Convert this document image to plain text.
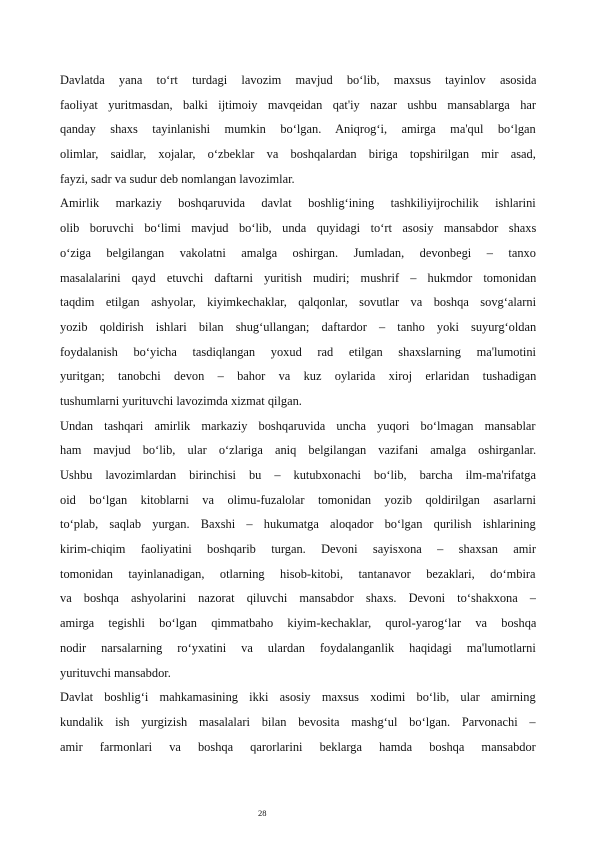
Davlatda yana to‘rt turdagi lavozim mavjud bo‘lib, maxsus tayinlov asosida
faoliyat yuritmasdan, balki ijtimoiy mavqeidan qat'iy nazar ushbu mansablarga har
qanday shaxs tayinlanishi mumkin bo‘lgan. Aniqrog‘i, amirga ma'qul bo‘lgan
olimlar, saidlar, xojalar, o‘zbeklar va boshqalardan biriga topshirilgan mir asad,
fayzi, sadr va sudur deb nomlangan lavozimlar.
Amirlik markaziy boshqaruvida davlat boshlig‘ining tashkiliyijrochilik ishlarini
olib boruvchi bo‘limi mavjud bo‘lib, unda quyidagi to‘rt asosiy mansabdor shaxs
o‘ziga belgilangan vakolatni amalga oshirgan. Jumladan, devonbegi – tanxo
masalalarini qayd etuvchi daftarni yuritish mudiri; mushrif – hukmdor tomonidan
taqdim etilgan ashyolar, kiyimkechaklar, qalqonlar, sovutlar va boshqa sovg‘alarni
yozib qoldirish ishlari bilan shug‘ullangan; daftardor – tanho yoki suyurg‘oldan
foydalanish bo‘yicha tasdiqlangan yoxud rad etilgan shaxslarning ma'lumotini
yuritgan; tanobchi devon – bahor va kuz oylarida xiroj erlaridan tushadigan
tushumlarni yurituvchi lavozimda xizmat qilgan.
Undan tashqari amirlik markaziy boshqaruvida uncha yuqori bo‘lmagan mansablar
ham mavjud bo‘lib, ular o‘zlariga aniq belgilangan vazifani amalga oshirganlar.
Ushbu lavozimlardan birinchisi bu – kutubxonachi bo‘lib, barcha ilm-ma'rifatga
oid bo‘lgan kitoblarni va olimu-fuzalolar tomonidan yozib qoldirilgan asarlarni
to‘plab, saqlab yurgan. Baxshi – hukumatga aloqador bo‘lgan qurilish ishlarining
kirim-chiqim faoliyatini boshqarib turgan. Devoni sayisxona – shaxsan amir
tomonidan tayinlanadigan, otlarning hisob-kitobi, tantanavor bezaklari, do‘mbira
va boshqa ashyolarini nazorat qiluvchi mansabdor shaxs. Devoni to‘shakxona –
amirga tegishli bo‘lgan qimmatbaho kiyim-kechaklar, qurol-yarog‘lar va boshqa
nodir narsalarning ro‘yxatini va ulardan foydalanganlik haqidagi ma'lumotlarni
yurituvchi mansabdor.
Davlat boshlig‘i mahkamasining ikki asosiy maxsus xodimi bo‘lib, ular amirning
kundalik ish yurgizish masalalari bilan bevosita mashg‘ul bo‘lgan. Parvonachi –
amir farmonlari va boshqa qarorlarini beklarga hamda boshqa mansabdor
28
